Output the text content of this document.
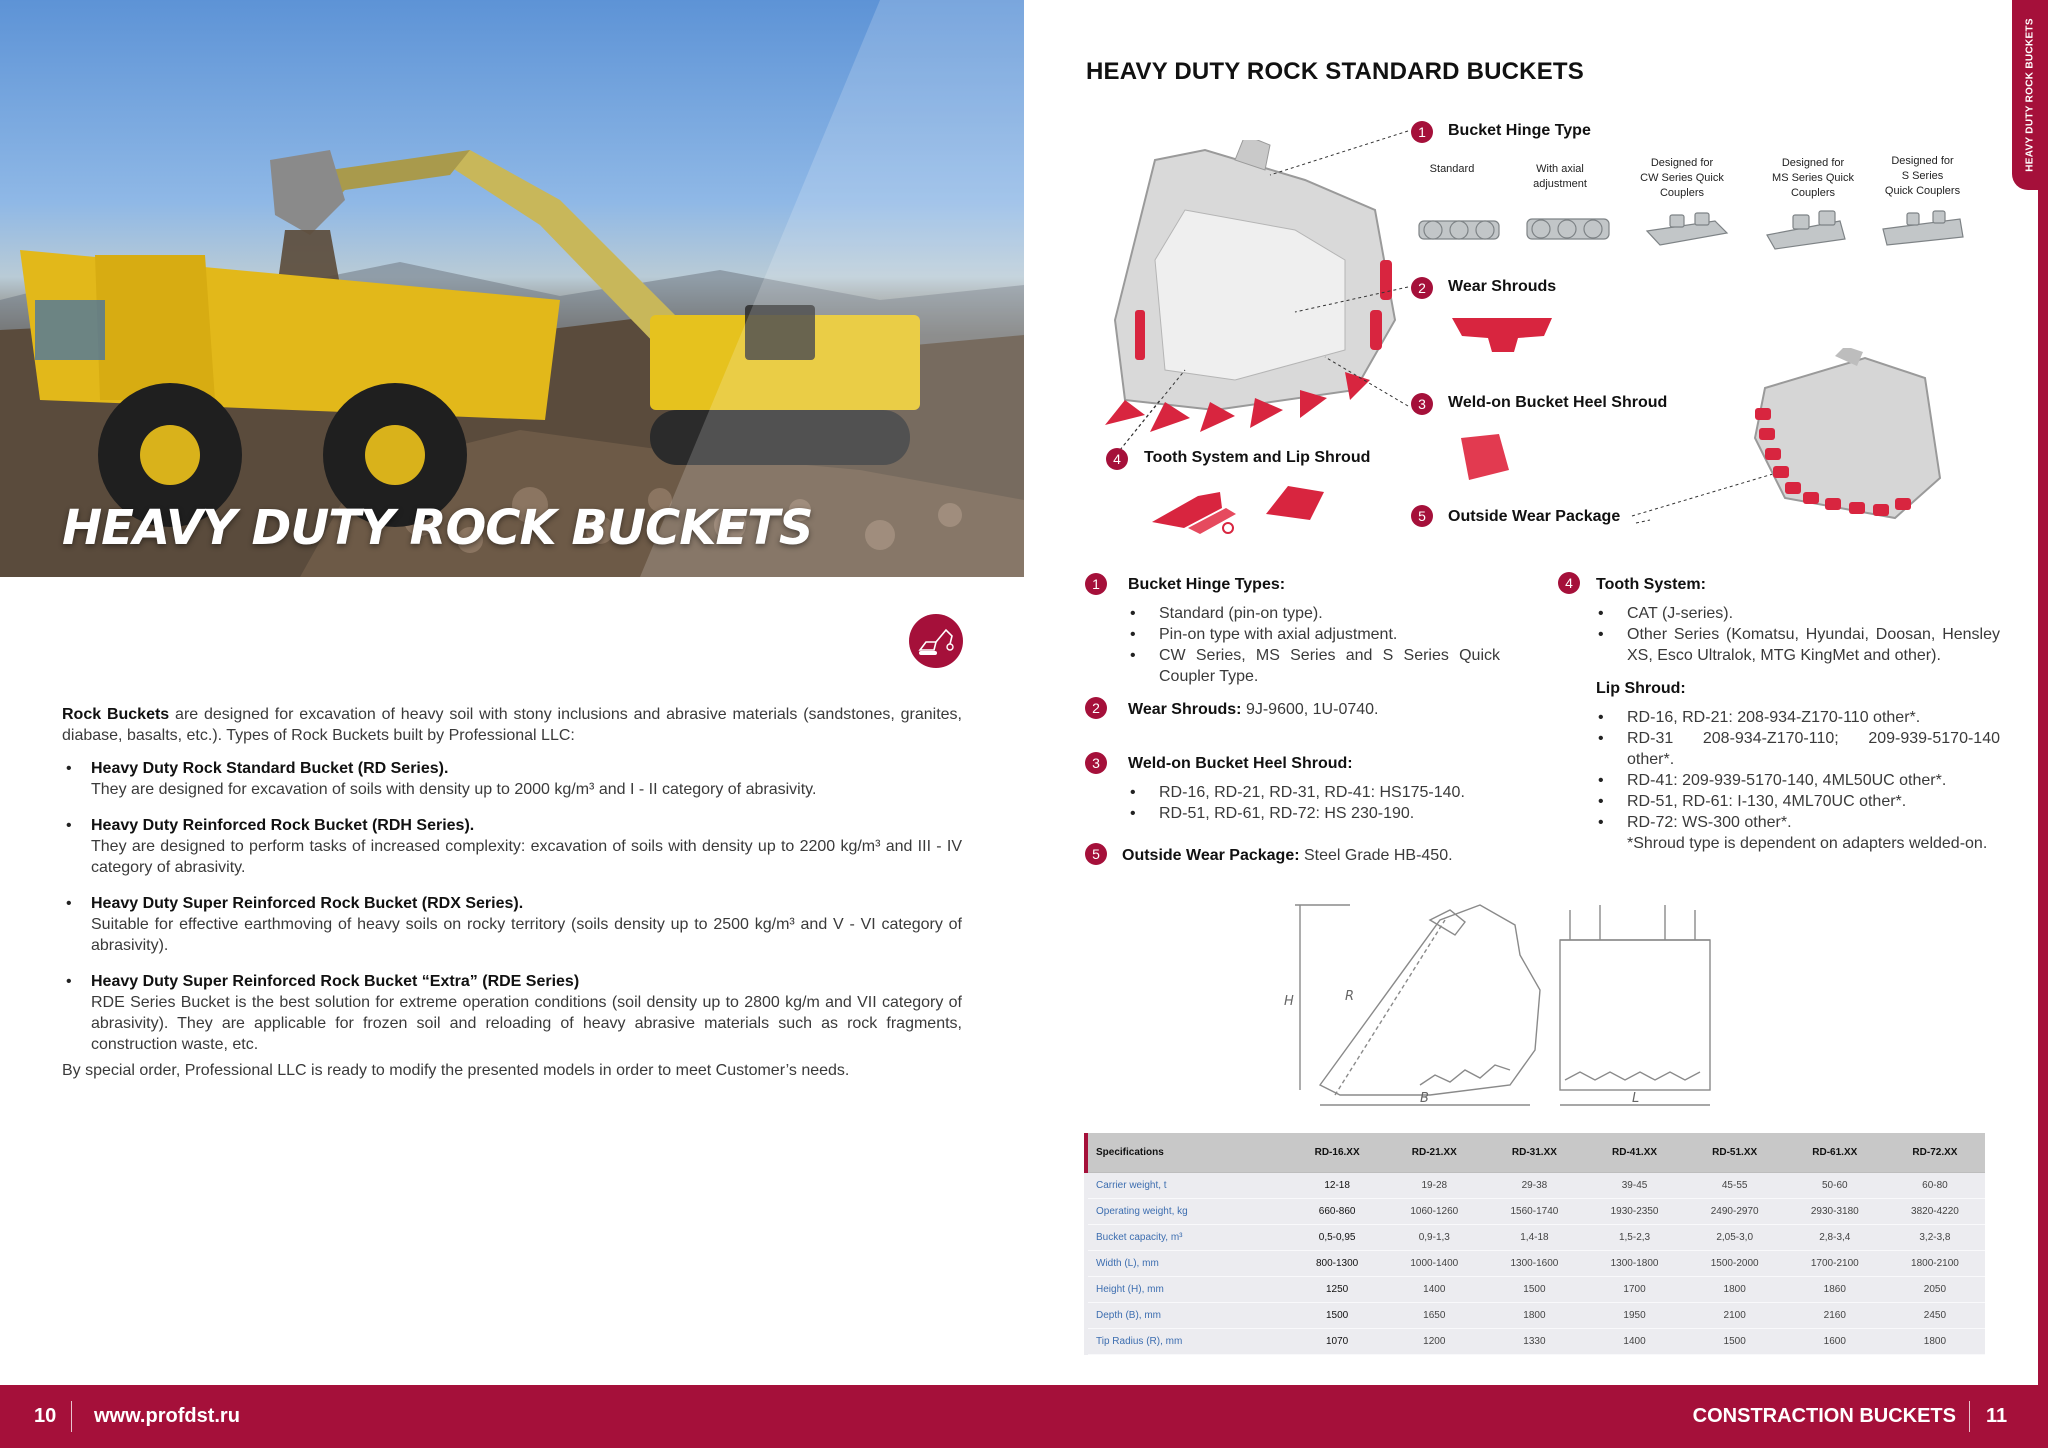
HEAVY DUTY ROCK BUCKETS

Rock Buckets are designed for excavation of heavy soil with stony inclusions and abrasive materials (sandstones, granites, diabase, basalts, etc.). Types of Rock Buckets built by Professional LLC:

• Heavy Duty Rock Standard Bucket (RD Series).
They are designed for excavation of soils with density up to 2000 kg/m³ and I - II category of abrasivity.
• Heavy Duty Reinforced Rock Bucket (RDH Series).
They are designed to perform tasks of increased complexity: excavation of soils with density up to 2200 kg/m³ and III - IV category of abrasivity.
• Heavy Duty Super Reinforced Rock Bucket (RDX Series).
Suitable for effective earthmoving of heavy soils on rocky territory (soils density up to 2500 kg/m³ and V - VI category of abrasivity).
• Heavy Duty Super Reinforced Rock Bucket “Extra” (RDE Series)
RDE Series Bucket is the best solution for extreme operation conditions (soil density up to 2800 kg/m and VII category of abrasivity). They are applicable for frozen soil and reloading of heavy abrasive materials such as rock fragments, construction waste, etc.

By special order, Professional LLC is ready to modify the presented models in order to meet Customer’s needs.

HEAVY DUTY ROCK STANDARD BUCKETS	HEAVY DUTY ROCK BUCKETS
1
2
3
4
5
Bucket Hinge Type
Wear Shrouds
Weld-on Bucket Heel Shroud
Tooth System and Lip Shroud
Outside Wear Package
Standard	With axial
adjustment
Designed for
CW Series Quick
Couplers
Designed for
MS Series Quick
Couplers
Designed for
S Series
Quick Couplers
1	Bucket Hinge Types:
• Standard (pin-on type).
• Pin-on type with axial adjustment.
• CW Series, MS Series and S Series Quick Coupler Type.
2	Wear Shrouds: 9J-9600, 1U-0740.
3	Weld-on Bucket Heel Shroud:
• RD-16, RD-21, RD-31, RD-41: HS175-140.
• RD-51, RD-61, RD-72: HS 230-190.
5	Outside Wear Package: Steel Grade HB-450.
4	Tooth System:
• CAT (J-series).
• Other Series (Komatsu, Hyundai, Doosan, Hensley XS, Esco Ultralok, MTG KingMet and other).
Lip Shroud:
• RD-16, RD-21: 208-934-Z170-110 other*.
• RD-31 208-934-Z170-110; 209-939-5170-140 other*.
• RD-41: 209-939-5170-140, 4ML50UC other*.
• RD-51, RD-61: I-130, 4ML70UC other*.
• RD-72: WS-300 other*.
*Shroud type is dependent on adapters welded-on.
H	R
B	L
Specifications	RD-16.XX	RD-21.XX	RD-31.XX	RD-41.XX	RD-51.XX	RD-61.XX	RD-72.XX
Carrier weight, t	12-18	19-28	29-38	39-45	45-55	50-60	60-80
Operating weight, kg	660-860	1060-1260	1560-1740	1930-2350	2490-2970	2930-3180	3820-4220
Bucket capacity, m³	0,5-0,95	0,9-1,3	1,4-18	1,5-2,3	2,05-3,0	2,8-3,4	3,2-3,8
Width (L), mm	800-1300	1000-1400	1300-1600	1300-1800	1500-2000	1700-2100	1800-2100
Height (H), mm	1250	1400	1500	1700	1800	1860	2050
Depth (B), mm	1500	1650	1800	1950	2100	2160	2450
Tip Radius (R), mm	1070	1200	1330	1400	1500	1600	1800
10 www.profdst.ru	CONSTRACTION BUCKETS 11
